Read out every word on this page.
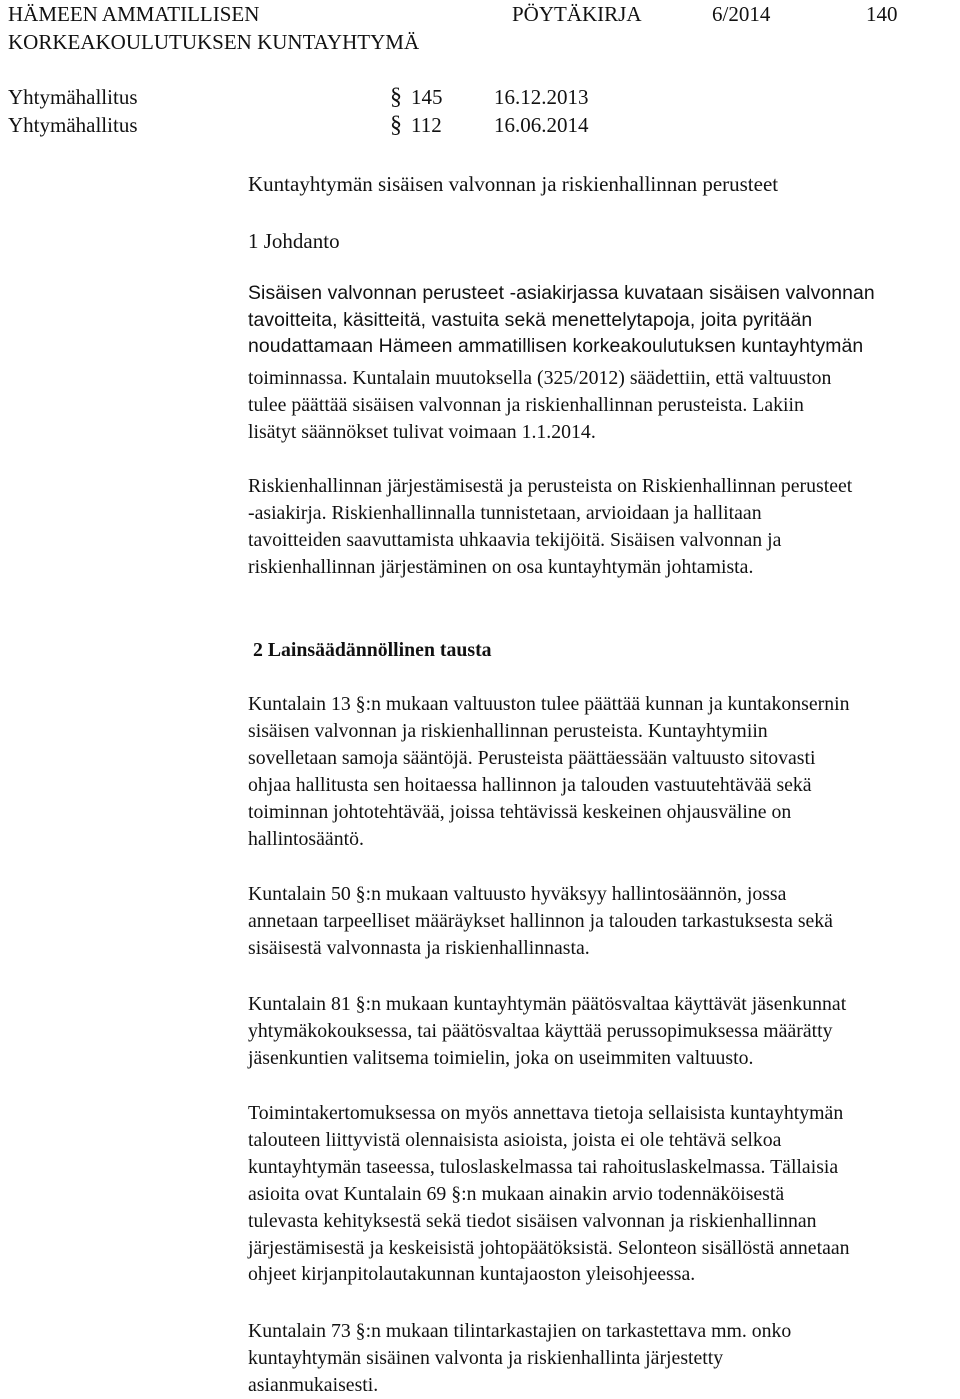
HÄMEEN AMMATILLISEN
KORKEAKOULUTUKSEN KUNTAYHTYMÄ
PÖYTÄKIRJA	6/2014	140
Yhtymähallitus	§ 145 16.12.2013
Yhtymähallitus	§ 112 16.06.2014
Kuntayhtymän sisäisen valvonnan ja riskienhallinnan perusteet
1 Johdanto
Sisäisen valvonnan perusteet -asiakirjassa kuvataan sisäisen valvonnan
tavoitteita, käsitteitä, vastuita sekä menettelytapoja, joita pyritään
noudattamaan Hämeen ammatillisen korkeakoulutuksen kuntayhtymän
toiminnassa. Kuntalain muutoksella (325/2012) säädettiin, että valtuuston
tulee päättää sisäisen valvonnan ja riskienhallinnan perusteista. Lakiin
lisätyt säännökset tulivat voimaan 1.1.2014.
Riskienhallinnan järjestämisestä ja perusteista on Riskienhallinnan perusteet
-asiakirja. Riskienhallinnalla tunnistetaan, arvioidaan ja hallitaan
tavoitteiden saavuttamista uhkaavia tekijöitä. Sisäisen valvonnan ja
riskienhallinnan järjestäminen on osa kuntayhtymän johtamista.
2 Lainsäädännöllinen tausta
Kuntalain 13 §:n mukaan valtuuston tulee päättää kunnan ja kuntakonsernin
sisäisen valvonnan ja riskienhallinnan perusteista. Kuntayhtymiin
sovelletaan samoja sääntöjä. Perusteista päättäessään valtuusto sitovasti
ohjaa hallitusta sen hoitaessa hallinnon ja talouden vastuutehtävää sekä
toiminnan johtotehtävää, joissa tehtävissä keskeinen ohjausväline on
hallintosääntö.
Kuntalain 50 §:n mukaan valtuusto hyväksyy hallintosäännön, jossa
annetaan tarpeelliset määräykset hallinnon ja talouden tarkastuksesta sekä
sisäisestä valvonnasta ja riskienhallinnasta.
Kuntalain 81 §:n mukaan kuntayhtymän päätösvaltaa käyttävät jäsenkunnat
yhtymäkokouksessa, tai päätösvaltaa käyttää perussopimuksessa määrätty
jäsenkuntien valitsema toimielin, joka on useimmiten valtuusto.
Toimintakertomuksessa on myös annettava tietoja sellaisista kuntayhtymän
talouteen liittyvistä olennaisista asioista, joista ei ole tehtävä selkoa
kuntayhtymän taseessa, tuloslaskelmassa tai rahoituslaskelmassa. Tällaisia
asioita ovat Kuntalain 69 §:n mukaan ainakin arvio todennäköisestä
tulevasta kehityksestä sekä tiedot sisäisen valvonnan ja riskienhallinnan
järjestämisestä ja keskeisistä johtopäätöksistä. Selonteon sisällöstä annetaan
ohjeet kirjanpitolautakunnan kuntajaoston yleisohjeessa.
Kuntalain 73 §:n mukaan tilintarkastajien on tarkastettava mm. onko
kuntayhtymän sisäinen valvonta ja riskienhallinta järjestetty
asianmukaisesti.
